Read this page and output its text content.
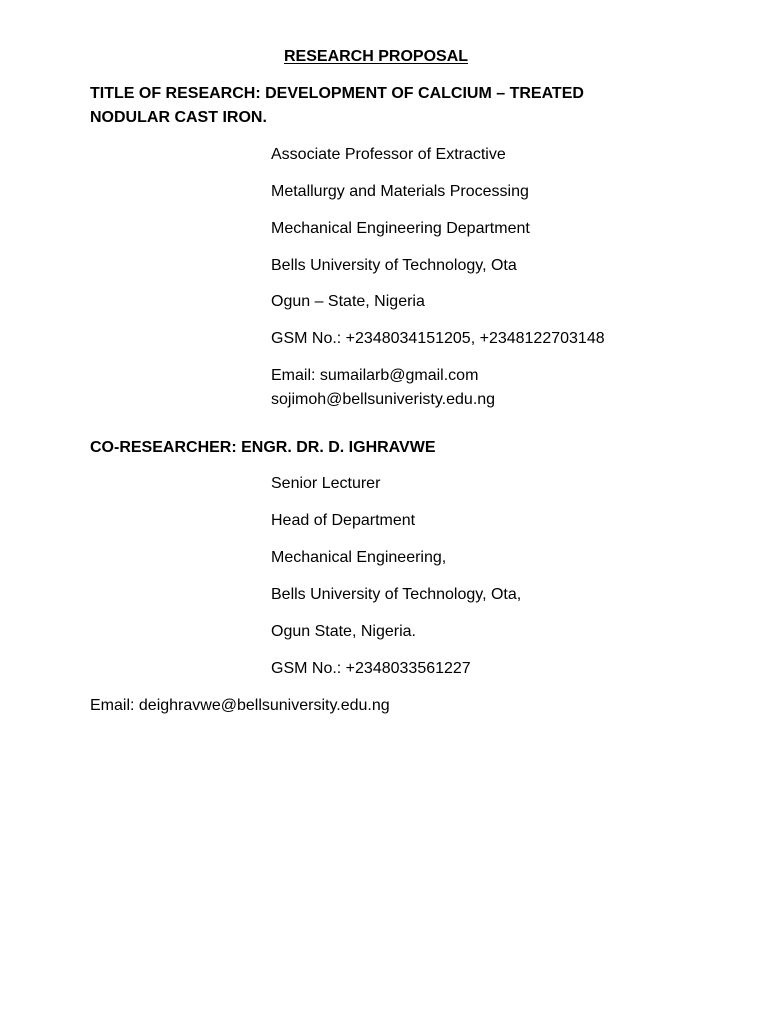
RESEARCH PROPOSAL
TITLE OF RESEARCH: DEVELOPMENT OF CALCIUM – TREATED
NODULAR CAST IRON.
Associate Professor of Extractive
Metallurgy and Materials Processing
Mechanical Engineering Department
Bells University of Technology, Ota
Ogun – State, Nigeria
GSM No.: +2348034151205, +2348122703148
Email: sumailarb@gmail.com
sojimoh@bellsuniveristy.edu.ng
CO-RESEARCHER: ENGR. DR. D. IGHRAVWE
Senior Lecturer
Head of Department
Mechanical Engineering,
Bells University of Technology, Ota,
Ogun State, Nigeria.
GSM No.: +2348033561227
Email: deighravwe@bellsuniversity.edu.ng
